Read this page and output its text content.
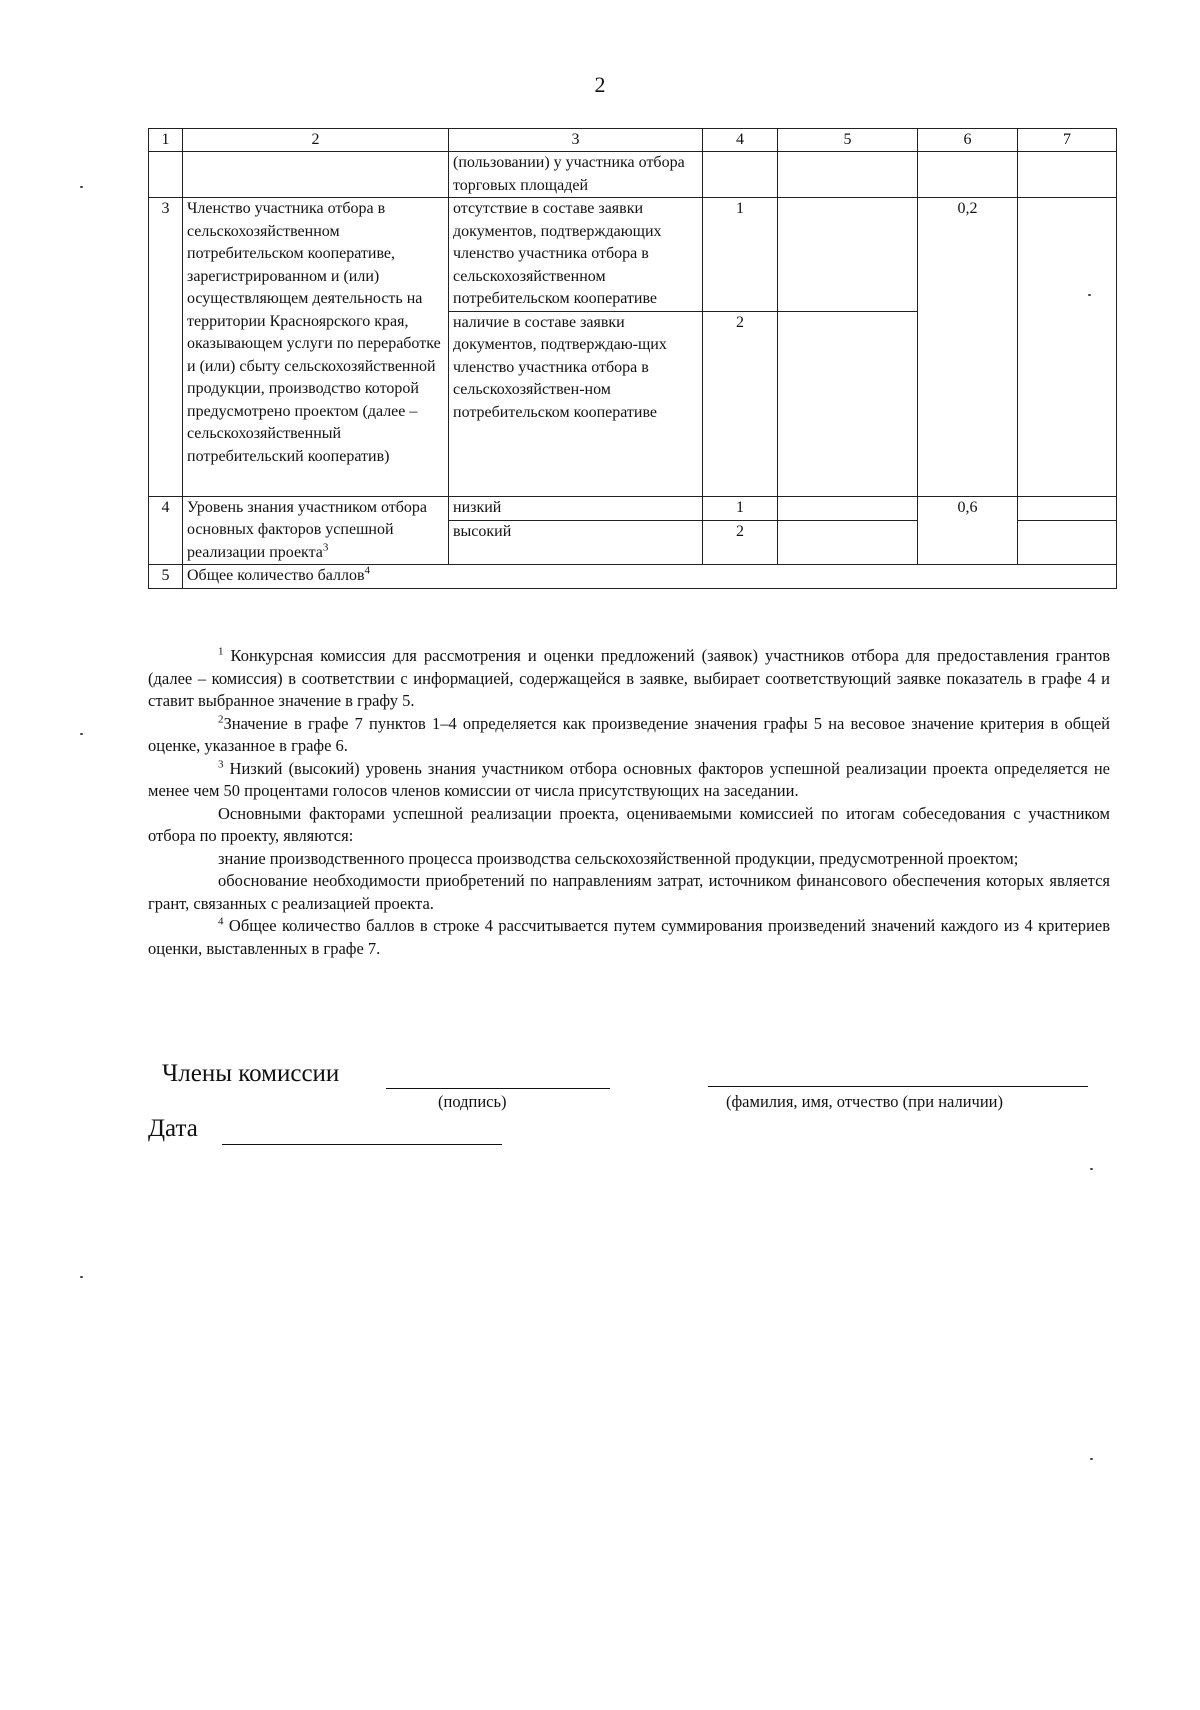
2
1	2	3	4	5	6	7
		(пользовании) у участника отбора торговых площадей				
3	Членство участника отбора в сельскохозяйственном потребительском кооперативе, зарегистрированном и (или) осуществляющем деятельность на территории Красноярского края, оказывающем услуги по переработке и (или) сбыту сельскохозяйственной продукции, производство которой предусмотрено проектом (далее – сельскохозяйственный потребительский кооператив)	отсутствие в составе заявки документов, подтверждающих членство участника отбора в сельскохозяйственном потребительском кооперативе	1		0,2	
		наличие в составе заявки документов, подтверждаю-щих членство участника отбора в сельскохозяйствен-ном потребительском кооперативе	2			
4	Уровень знания участником отбора основных факторов успешной реализации проекта$^3$	низкий	1		0,6	
		высокий	2			
5	Общее количество баллов$^4$

$^1$ Конкурсная комиссия для рассмотрения и оценки предложений (заявок) участников отбора для предоставления грантов (далее – комиссия) в соответствии с информацией, содержащейся в заявке, выбирает соответствующий заявке показатель в графе 4 и ставит выбранное значение в графу 5.

$^2$Значение в графе 7 пунктов 1–4 определяется как произведение значения графы 5 на весовое значение критерия в общей оценке, указанное в графе 6.

$^3$ Низкий (высокий) уровень знания участником отбора основных факторов успешной реализации проекта определяется не менее чем 50 процентами голосов членов комиссии от числа присутствующих на заседании.

Основными факторами успешной реализации проекта, оцениваемыми комиссией по итогам собеседования с участником отбора по проекту, являются:

знание производственного процесса производства сельскохозяйственной продукции, предусмотренной проектом;

обоснование необходимости приобретений по направлениям затрат, источником финансового обеспечения которых является грант, связанных с реализацией проекта.

$^4$ Общее количество баллов в строке 4 рассчитывается путем суммирования произведений значений каждого из 4 критериев оценки, выставленных в графе 7.

Члены комиссии
(подпись)	(фамилия, имя, отчество (при наличии)
Дата
